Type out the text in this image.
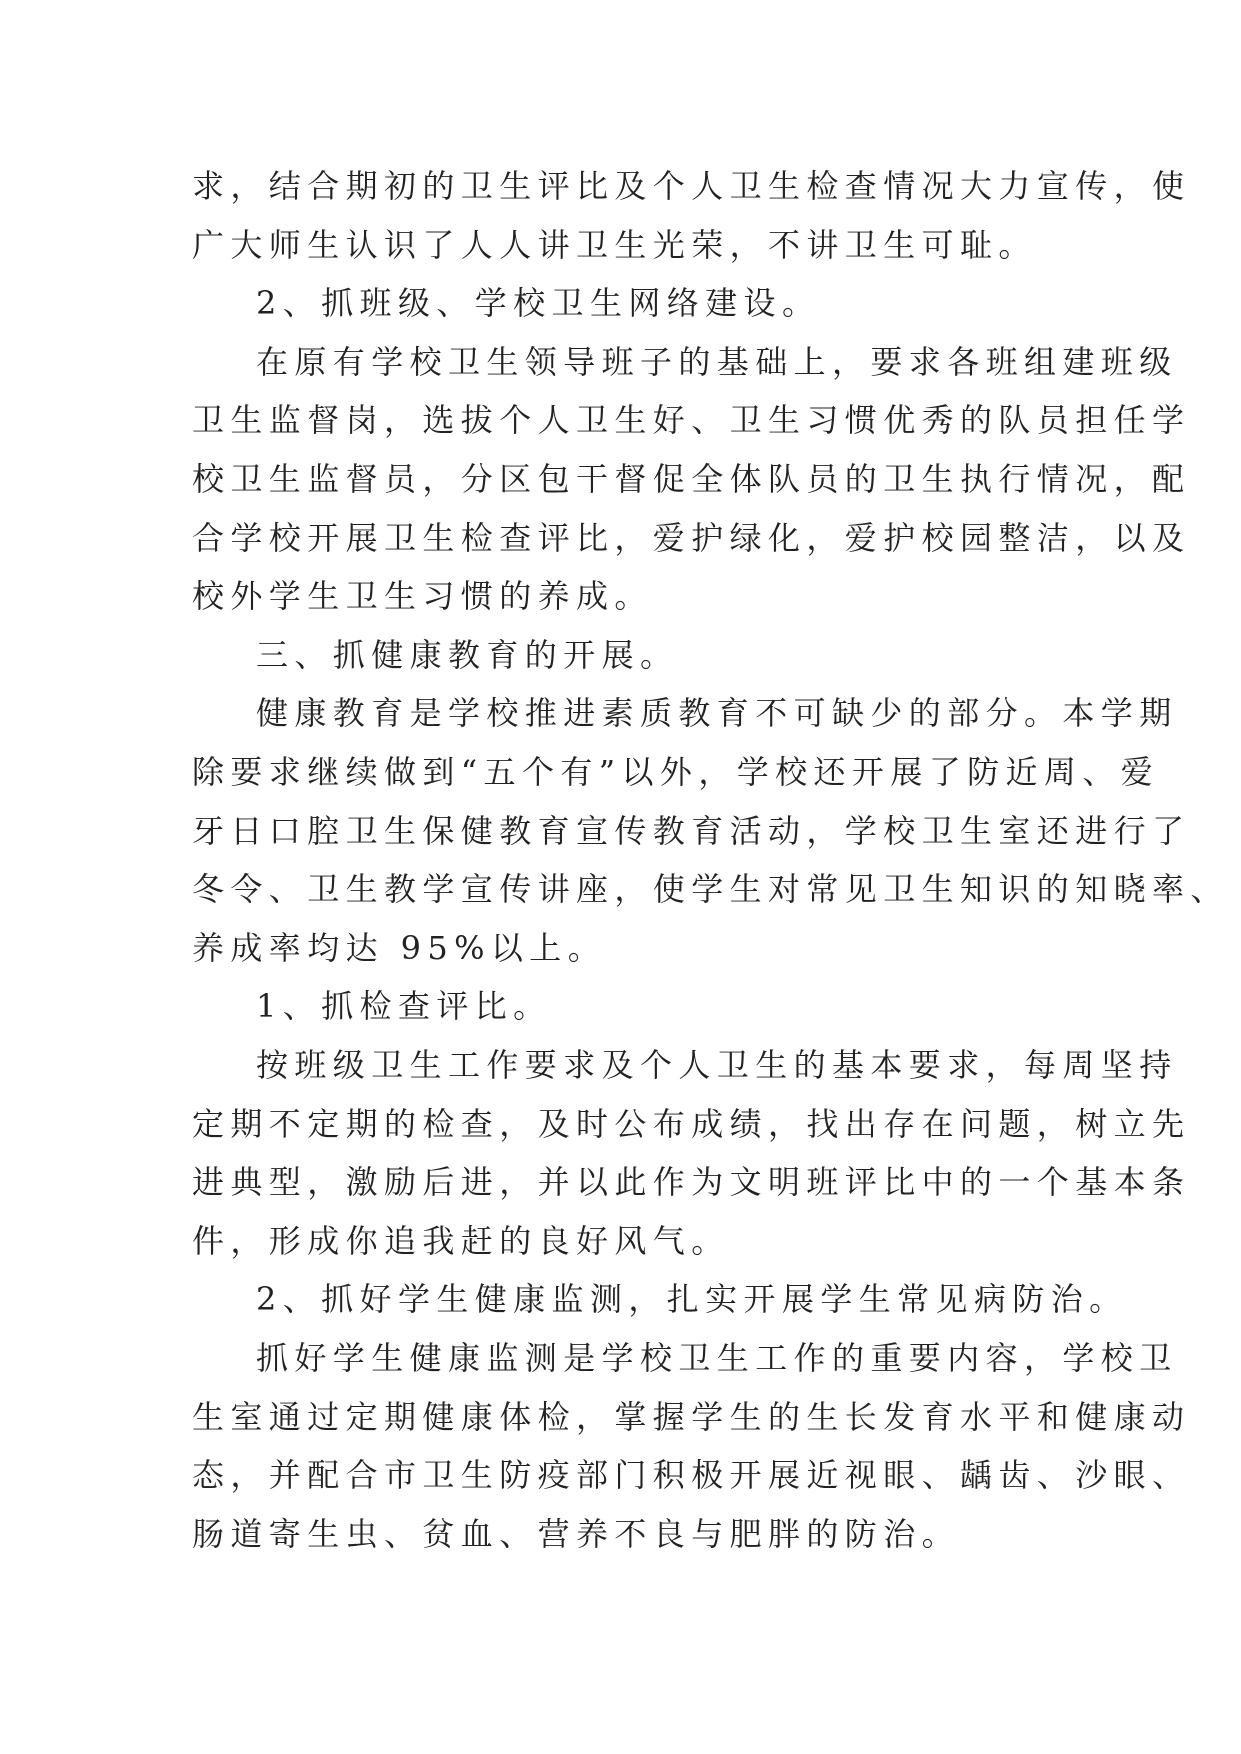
求，结合期初的卫生评比及个人卫生检查情况大力宣传，使

广大师生认识了人人讲卫生光荣，不讲卫生可耻。

2、抓班级、学校卫生网络建设。

在原有学校卫生领导班子的基础上，要求各班组建班级

卫生监督岗，选拔个人卫生好、卫生习惯优秀的队员担任学

校卫生监督员，分区包干督促全体队员的卫生执行情况，配

合学校开展卫生检查评比，爱护绿化，爱护校园整洁，以及

校外学生卫生习惯的养成。

三、抓健康教育的开展。

健康教育是学校推进素质教育不可缺少的部分。本学期

除要求继续做到“五个有”以外，学校还开展了防近周、爱

牙日口腔卫生保健教育宣传教育活动，学校卫生室还进行了

冬令、卫生教学宣传讲座，使学生对常见卫生知识的知晓率、

养成率均达 95%以上。

1、抓检查评比。

按班级卫生工作要求及个人卫生的基本要求，每周坚持

定期不定期的检查，及时公布成绩，找出存在问题，树立先

进典型，激励后进，并以此作为文明班评比中的一个基本条

件，形成你追我赶的良好风气。

2、抓好学生健康监测，扎实开展学生常见病防治。

抓好学生健康监测是学校卫生工作的重要内容，学校卫

生室通过定期健康体检，掌握学生的生长发育水平和健康动

态，并配合市卫生防疫部门积极开展近视眼、龋齿、沙眼、

肠道寄生虫、贫血、营养不良与肥胖的防治。
